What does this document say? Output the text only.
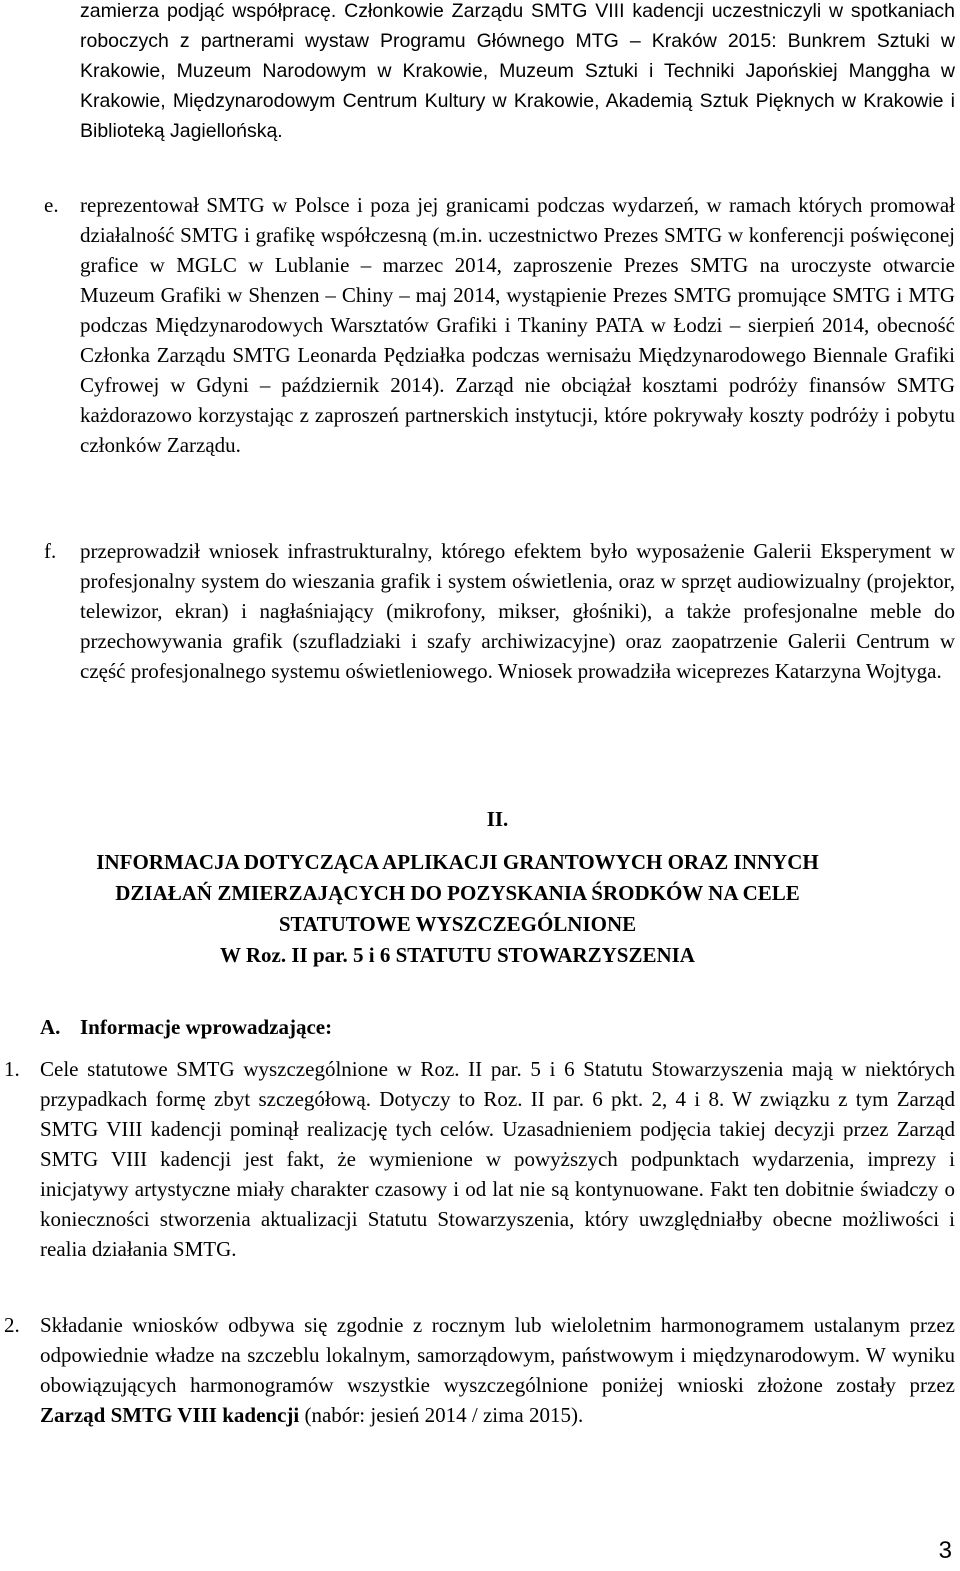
zamierza podjąć współpracę. Członkowie Zarządu SMTG VIII kadencji uczestniczyli w spotkaniach roboczych z partnerami wystaw Programu Głównego MTG – Kraków 2015: Bunkrem Sztuki w Krakowie, Muzeum Narodowym w Krakowie, Muzeum Sztuki i Techniki Japońskiej Manggha w Krakowie, Międzynarodowym Centrum Kultury w Krakowie, Akademią Sztuk Pięknych w Krakowie i Biblioteką Jagiellońską.

e. reprezentował SMTG w Polsce i poza jej granicami podczas wydarzeń, w ramach których promował działalność SMTG i grafikę współczesną (m.in. uczestnictwo Prezes SMTG w konferencji poświęconej grafice w MGLC w Lublanie – marzec 2014, zaproszenie Prezes SMTG na uroczyste otwarcie Muzeum Grafiki w Shenzen – Chiny – maj 2014, wystąpienie Prezes SMTG promujące SMTG i MTG podczas Międzynarodowych Warsztatów Grafiki i Tkaniny PATA w Łodzi – sierpień 2014, obecność Członka Zarządu SMTG Leonarda Pędziałka podczas wernisażu Międzynarodowego Biennale Grafiki Cyfrowej w Gdyni – październik 2014). Zarząd nie obciążał kosztami podróży finansów SMTG każdorazowo korzystając z zaproszeń partnerskich instytucji, które pokrywały koszty podróży i pobytu członków Zarządu.

f. przeprowadził wniosek infrastrukturalny, którego efektem było wyposażenie Galerii Eksperyment w profesjonalny system do wieszania grafik i system oświetlenia, oraz w sprzęt audiowizualny (projektor, telewizor, ekran) i nagłaśniający (mikrofony, mikser, głośniki), a także profesjonalne meble do przechowywania grafik (szufladziaki i szafy archiwizacyjne) oraz zaopatrzenie Galerii Centrum w część profesjonalnego systemu oświetleniowego. Wniosek prowadziła wiceprezes Katarzyna Wojtyga.

II.

INFORMACJA DOTYCZĄCA APLIKACJI GRANTOWYCH ORAZ INNYCH
DZIAŁAŃ ZMIERZAJĄCYCH DO POZYSKANIA ŚRODKÓW NA CELE
STATUTOWE WYSZCZEGÓLNIONE
W Roz. II par. 5 i 6 STATUTU STOWARZYSZENIA
A. Informacje wprowadzające:
1. Cele statutowe SMTG wyszczególnione w Roz. II par. 5 i 6 Statutu Stowarzyszenia mają w niektórych przypadkach formę zbyt szczegółową. Dotyczy to Roz. II par. 6 pkt. 2, 4 i 8. W związku z tym Zarząd SMTG VIII kadencji pominął realizację tych celów. Uzasadnieniem podjęcia takiej decyzji przez Zarząd SMTG VIII kadencji jest fakt, że wymienione w powyższych podpunktach wydarzenia, imprezy i inicjatywy artystyczne miały charakter czasowy i od lat nie są kontynuowane. Fakt ten dobitnie świadczy o konieczności stworzenia aktualizacji Statutu Stowarzyszenia, który uwzględniałby obecne możliwości i realia działania SMTG.

2. Składanie wniosków odbywa się zgodnie z rocznym lub wieloletnim harmonogramem ustalanym przez odpowiednie władze na szczeblu lokalnym, samorządowym, państwowym i międzynarodowym. W wyniku obowiązujących harmonogramów wszystkie wyszczególnione poniżej wnioski złożone zostały przez Zarząd SMTG VIII kadencji (nabór: jesień 2014 / zima 2015).

3
